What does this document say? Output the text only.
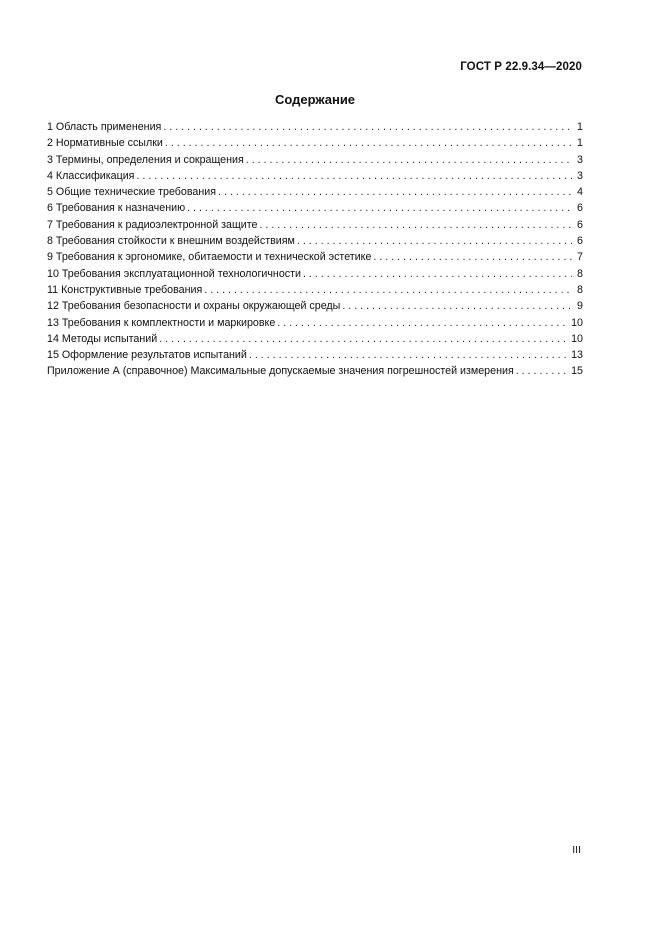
ГОСТ Р 22.9.34—2020
Содержание
1 Область применения . . .	1
2 Нормативные ссылки . . .	1
3 Термины, определения и сокращения . . .	3
4 Классификация . . .	3
5 Общие технические требования . . .	4
6 Требования к назначению . . .	6
7 Требования к радиоэлектронной защите . . .	6
8 Требования стойкости к внешним воздействиям . . .	6
9 Требования к эргономике, обитаемости и технической эстетике . . .	7
10 Требования эксплуатационной технологичности . . .	8
11 Конструктивные требования . . .	8
12 Требования безопасности и охраны окружающей среды . . .	9
13 Требования к комплектности и маркировке . . .	10
14 Методы испытаний . . .	10
15 Оформление результатов испытаний . . .	13
Приложение А (справочное) Максимальные допускаемые значения погрешностей измерения . . .	15
III
